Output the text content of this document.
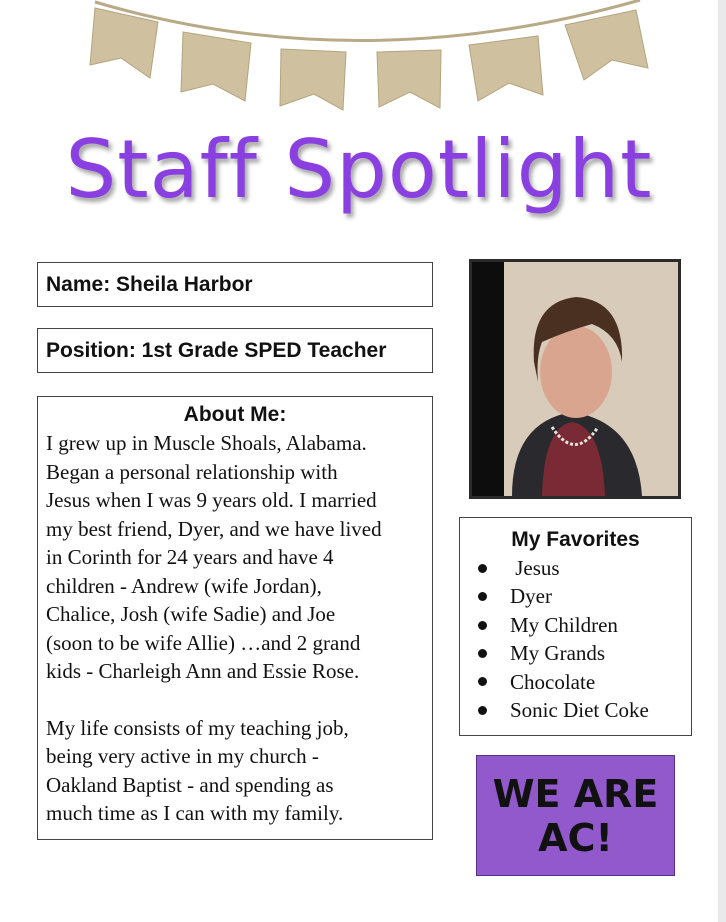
Staff Spotlight
Name: Sheila Harbor
Position: 1st Grade SPED Teacher
About Me:
I grew up in Muscle Shoals, Alabama.
Began a personal relationship with
Jesus when I was 9 years old. I married
my best friend, Dyer, and we have lived
in Corinth for 24 years and have 4
children - Andrew (wife Jordan),
Chalice, Josh (wife Sadie) and Joe
(soon to be wife Allie) …and 2 grand
kids - Charleigh Ann and Essie Rose.
My life consists of my teaching job,
being very active in my church -
Oakland Baptist - and spending as
much time as I can with my family.
My Favorites
Jesus
Dyer
My Children
My Grands
Chocolate
Sonic Diet Coke
WE ARE
AC!
